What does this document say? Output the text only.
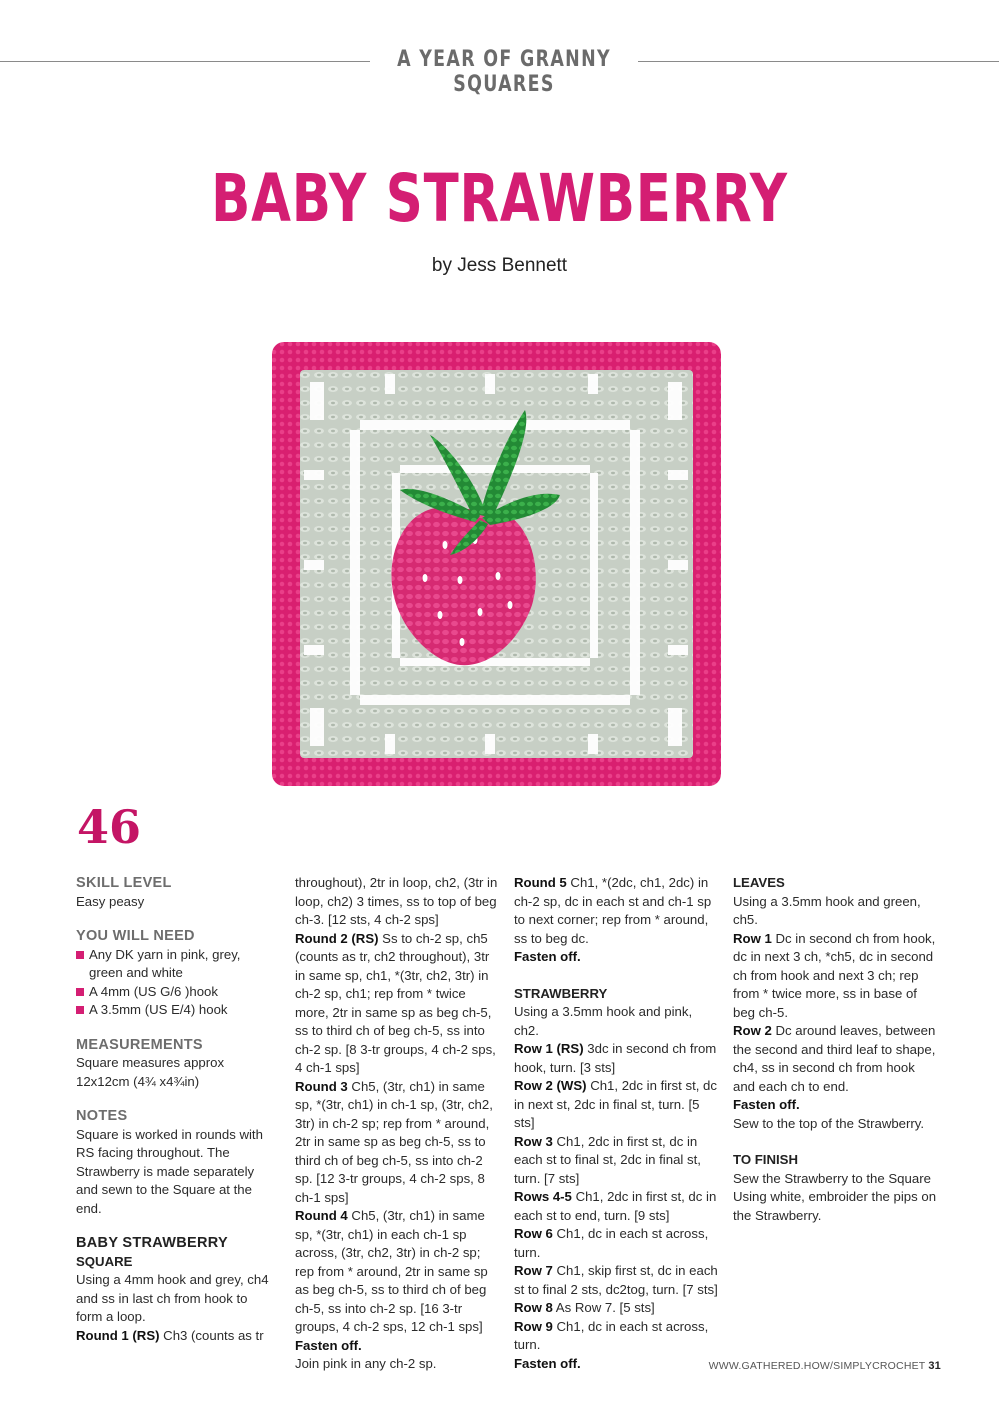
A YEAR OF GRANNY SQUARES
BABY STRAWBERRY
by Jess Bennett
46

SKILL LEVEL

Easy peasy

YOU WILL NEED

Any DK yarn in pink, grey, green and white

A 4mm (US G/6 )hook

A 3.5mm (US E/4) hook

MEASUREMENTS

Square measures approx 12x12cm (4¾ x4¾in)

NOTES

Square is worked in rounds with RS facing throughout. The Strawberry is made separately and sewn to the Square at the end.

BABY STRAWBERRY

SQUARE

Using a 4mm hook and grey, ch4 and ss in last ch from hook to form a loop.

Round 1 (RS) Ch3 (counts as tr

throughout), 2tr in loop, ch2, (3tr in loop, ch2) 3 times, ss to top of beg ch-3. [12 sts, 4 ch-2 sps]

Round 2 (RS) Ss to ch-2 sp, ch5 (counts as tr, ch2 throughout), 3tr in same sp, ch1, *(3tr, ch2, 3tr) in ch-2 sp, ch1; rep from * twice more, 2tr in same sp as beg ch-5, ss to third ch of beg ch-5, ss into ch-2 sp. [8 3-tr groups, 4 ch-2 sps, 4 ch-1 sps]

Round 3 Ch5, (3tr, ch1) in same sp, *(3tr, ch1) in ch-1 sp, (3tr, ch2, 3tr) in ch-2 sp; rep from * around, 2tr in same sp as beg ch-5, ss to third ch of beg ch-5, ss into ch-2 sp. [12 3-tr groups, 4 ch-2 sps, 8 ch-1 sps]

Round 4 Ch5, (3tr, ch1) in same sp, *(3tr, ch1) in each ch-1 sp across, (3tr, ch2, 3tr) in ch-2 sp; rep from * around, 2tr in same sp as beg ch-5, ss to third ch of beg ch-5, ss into ch-2 sp. [16 3-tr groups, 4 ch-2 sps, 12 ch-1 sps]

Fasten off.

Join pink in any ch-2 sp.

Round 5 Ch1, *(2dc, ch1, 2dc) in ch-2 sp, dc in each st and ch-1 sp to next corner; rep from * around, ss to beg dc.

Fasten off.

STRAWBERRY

Using a 3.5mm hook and pink, ch2.

Row 1 (RS) 3dc in second ch from hook, turn. [3 sts]

Row 2 (WS) Ch1, 2dc in first st, dc in next st, 2dc in final st, turn. [5 sts]

Row 3 Ch1, 2dc in first st, dc in each st to final st, 2dc in final st, turn. [7 sts]

Rows 4-5 Ch1, 2dc in first st, dc in each st to end, turn. [9 sts]

Row 6 Ch1, dc in each st across, turn.

Row 7 Ch1, skip first st, dc in each st to final 2 sts, dc2tog, turn. [7 sts]

Row 8 As Row 7. [5 sts]

Row 9 Ch1, dc in each st across, turn.

Fasten off.

LEAVES

Using a 3.5mm hook and green, ch5.

Row 1 Dc in second ch from hook, dc in next 3 ch, *ch5, dc in second ch from hook and next 3 ch; rep from * twice more, ss in base of beg ch-5.

Row 2 Dc around leaves, between the second and third leaf to shape, ch4, ss in second ch from hook and each ch to end.

Fasten off.

Sew to the top of the Strawberry.

TO FINISH

Sew the Strawberry to the Square Using white, embroider the pips on the Strawberry.

WWW.GATHERED.HOW/SIMPLYCROCHET 31
